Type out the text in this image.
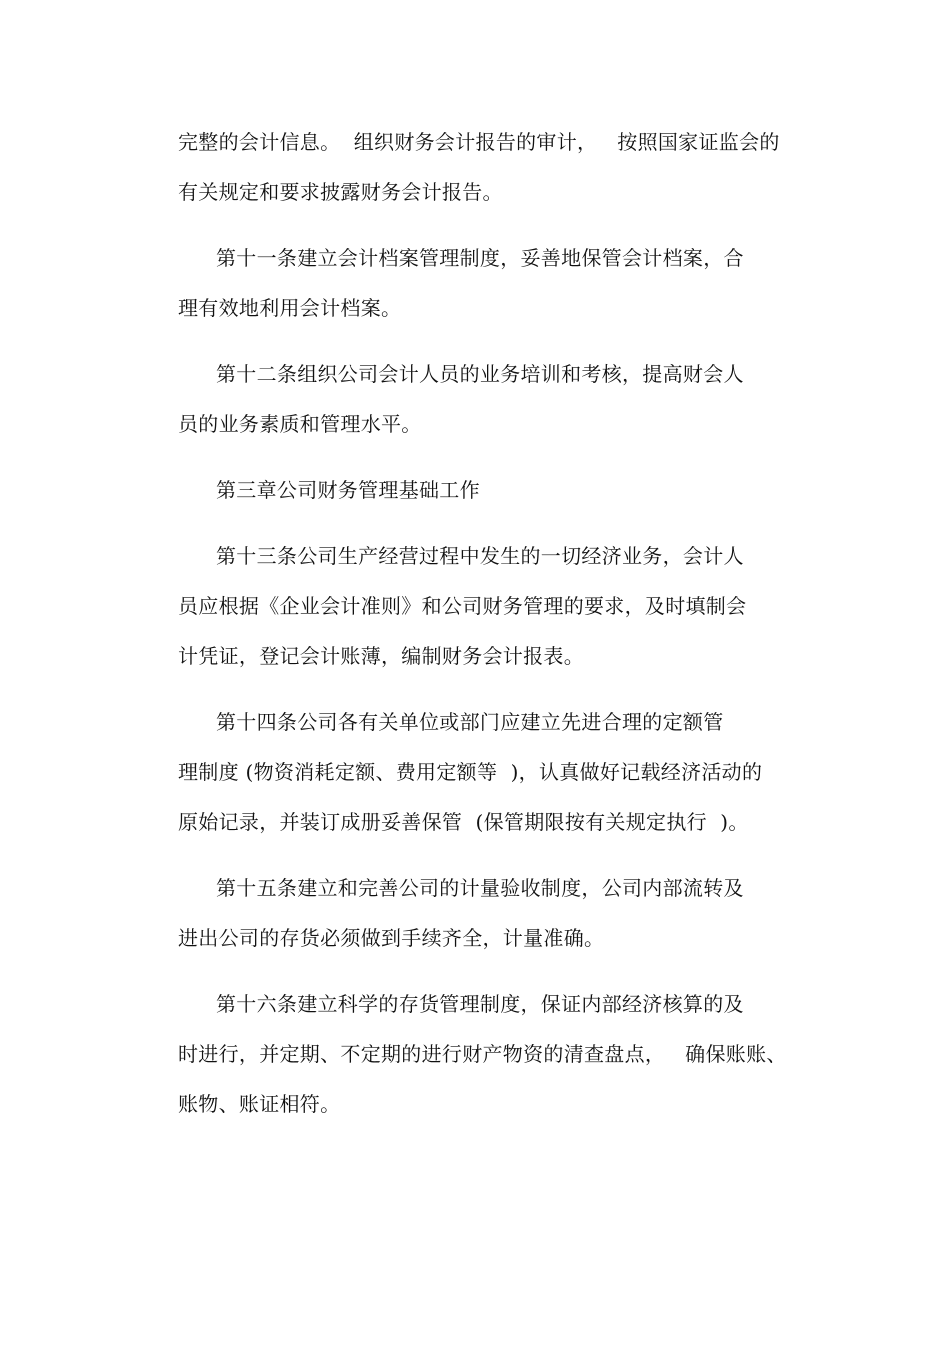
完整的会计信息。  组织财务会计报告的审计，   按照国家证监会的
有关规定和要求披露财务会计报告。
第十一条建立会计档案管理制度，妥善地保管会计档案，合
理有效地利用会计档案。
第十二条组织公司会计人员的业务培训和考核，提高财会人
员的业务素质和管理水平。
第三章公司财务管理基础工作
第十三条公司生产经营过程中发生的一切经济业务，会计人
员应根据《企业会计准则》和公司财务管理的要求，及时填制会
计凭证，登记会计账薄，编制财务会计报表。
第十四条公司各有关单位或部门应建立先进合理的定额管
理制度 (物资消耗定额、费用定额等  )，认真做好记载经济活动的
原始记录，并装订成册妥善保管  (保管期限按有关规定执行  )。
第十五条建立和完善公司的计量验收制度，公司内部流转及
进出公司的存货必须做到手续齐全，计量准确。
第十六条建立科学的存货管理制度，保证内部经济核算的及
时进行，并定期、不定期的进行财产物资的清查盘点，   确保账账、
账物、账证相符。
